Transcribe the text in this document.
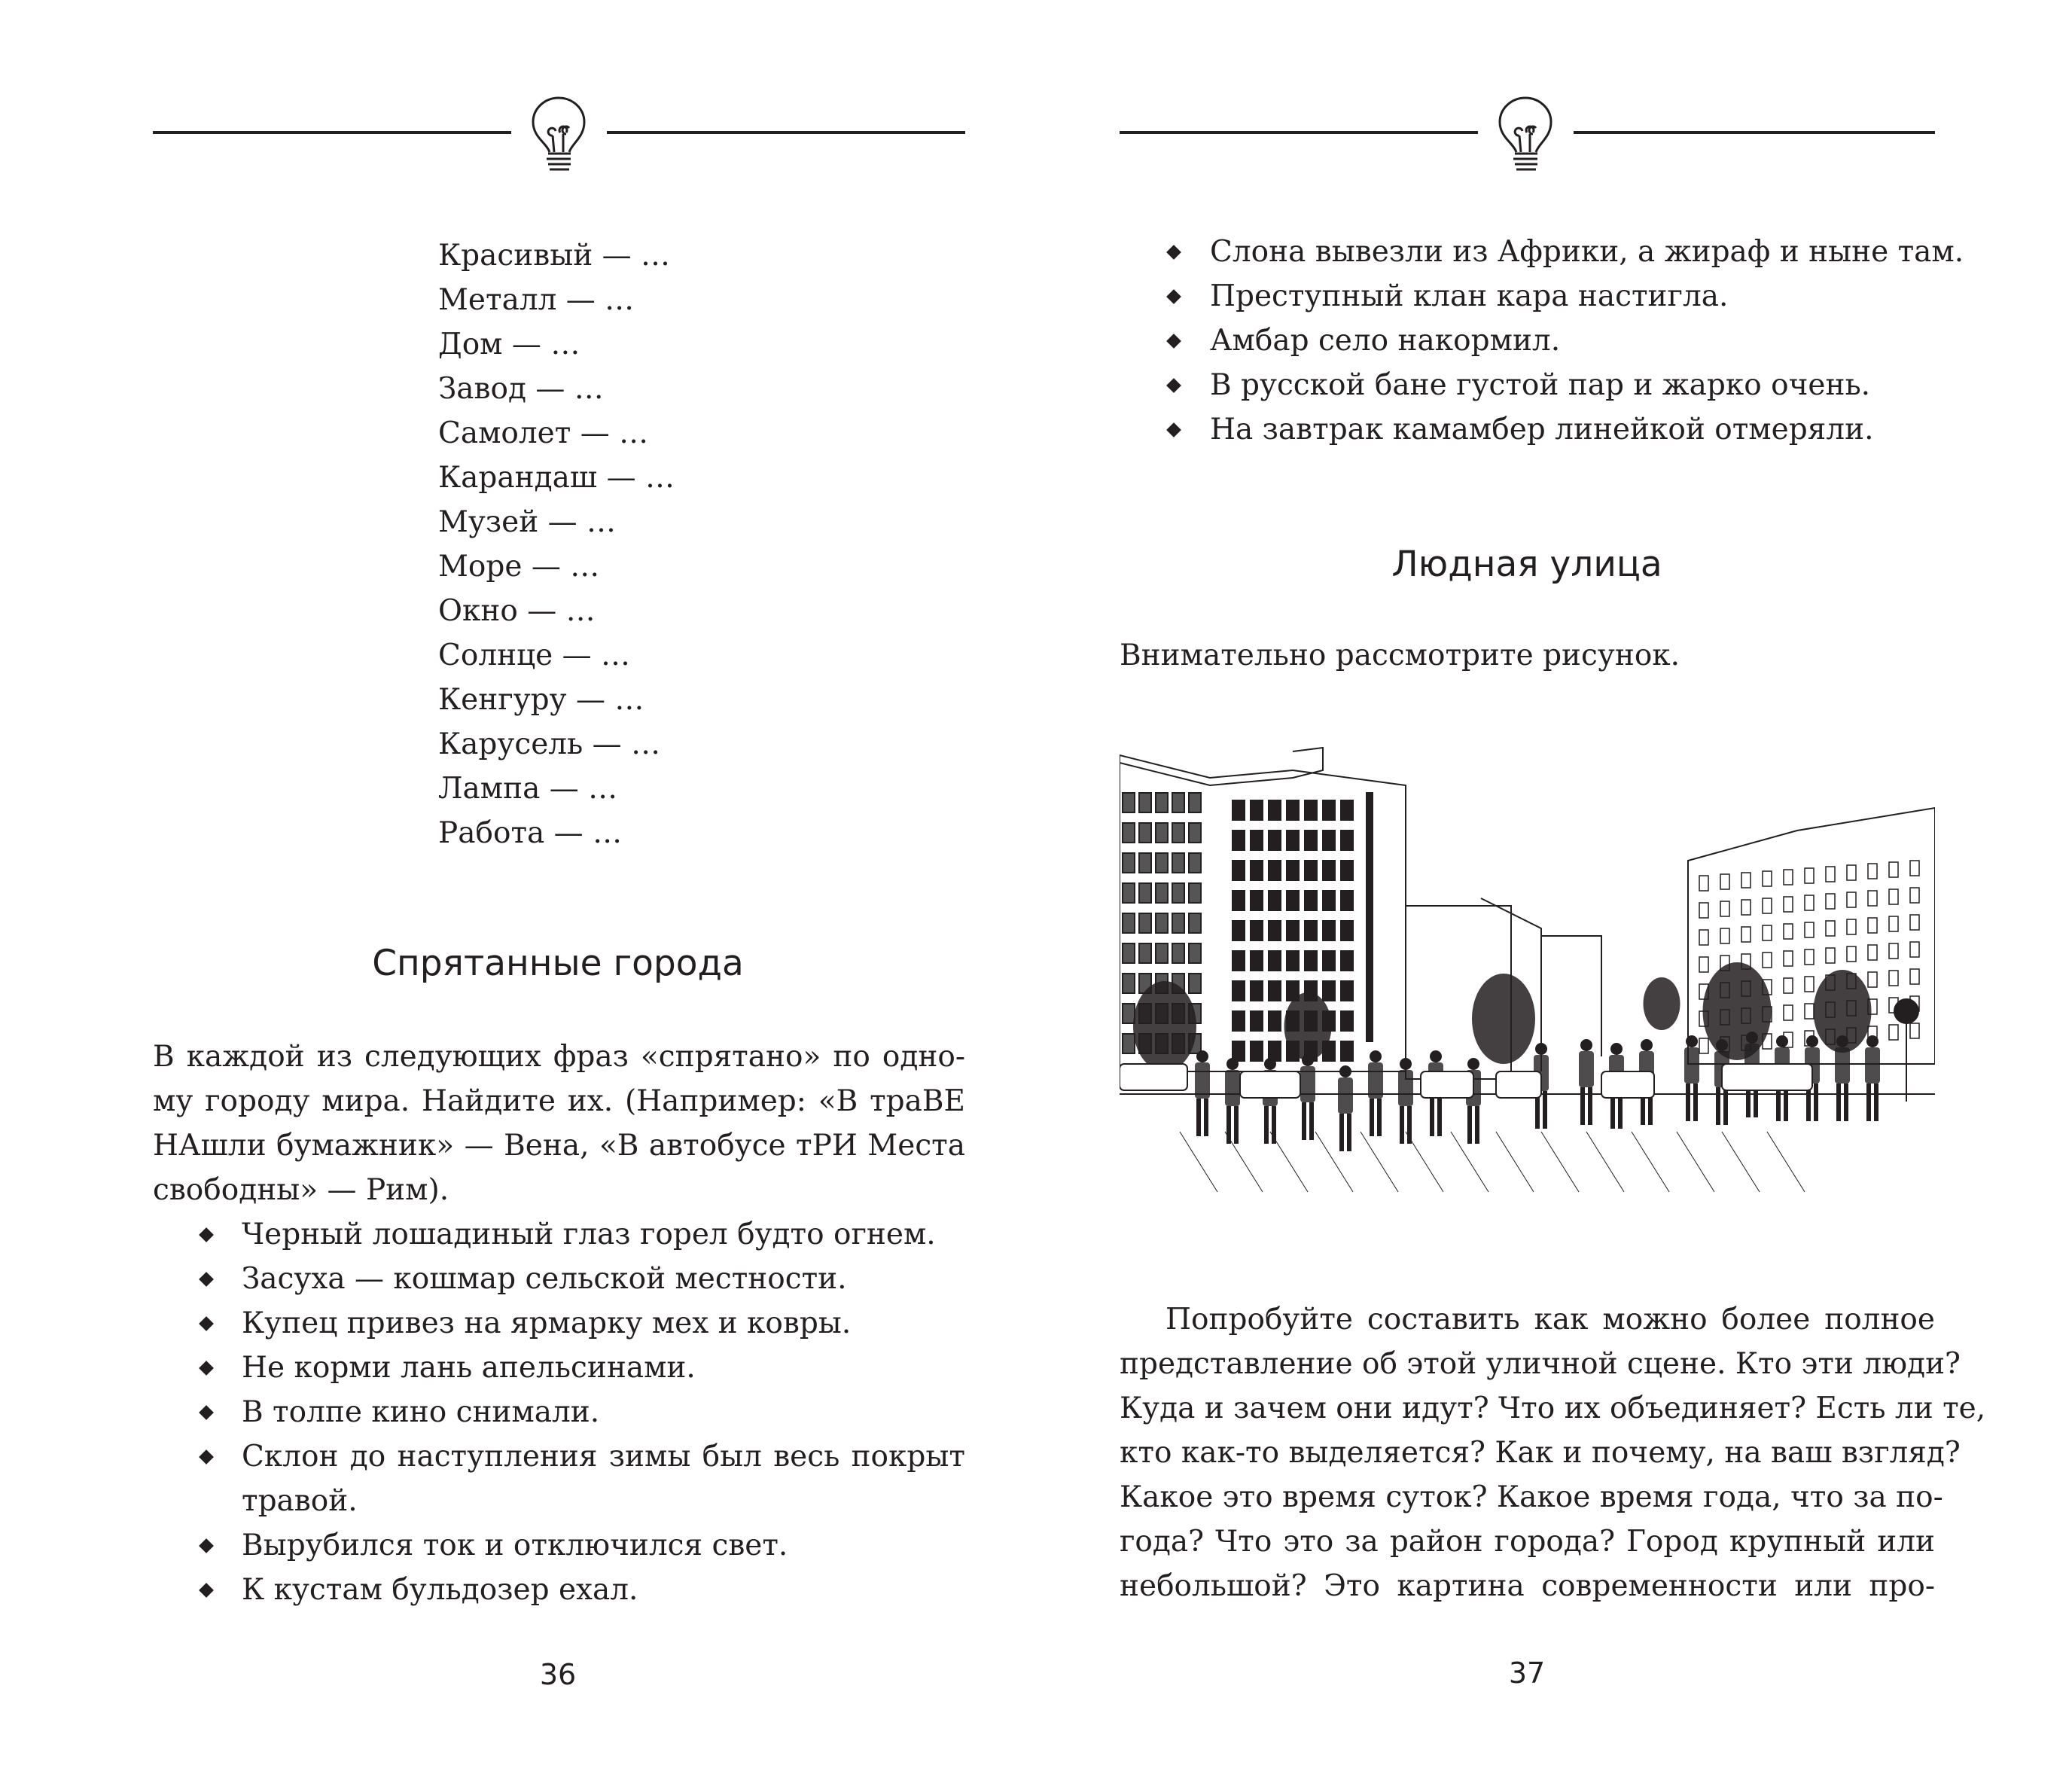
Красивый — …
Металл — …
Дом — …
Завод — …
Самолет — …
Карандаш — …
Музей — …
Море — …
Окно — …
Солнце — …
Кенгуру — …
Карусель — …
Лампа — …
Работа — …
Спрятанные города
В каждой из следующих фраз «спрятано» по одно-
му городу мира. Найдите их. (Например: «В траВЕ
НАшли бумажник» — Вена, «В автобусе тРИ Места
свободны» — Рим).
Черный лошадиный глаз горел будто огнем.
Засуха — кошмар сельской местности.
Купец привез на ярмарку мех и ковры.
Не корми лань апельсинами.
В толпе кино снимали.
Склон до наступления зимы был весь покрыт
травой.
Вырубился ток и отключился свет.
К кустам бульдозер ехал.
36
Слона вывезли из Африки, а жираф и ныне там.
Преступный клан кара настигла.
Амбар село накормил.
В русской бане густой пар и жарко очень.
На завтрак камамбер линейкой отмеряли.
Людная улица
Внимательно рассмотрите рисунок.
Попробуйте составить как можно более полное
представление об этой уличной сцене. Кто эти люди?
Куда и зачем они идут? Что их объединяет? Есть ли те,
кто как-то выделяется? Как и почему, на ваш взгляд?
Какое это время суток? Какое время года, что за по-
года? Что это за район города? Город крупный или
небольшой? Это картина современности или про-
37
